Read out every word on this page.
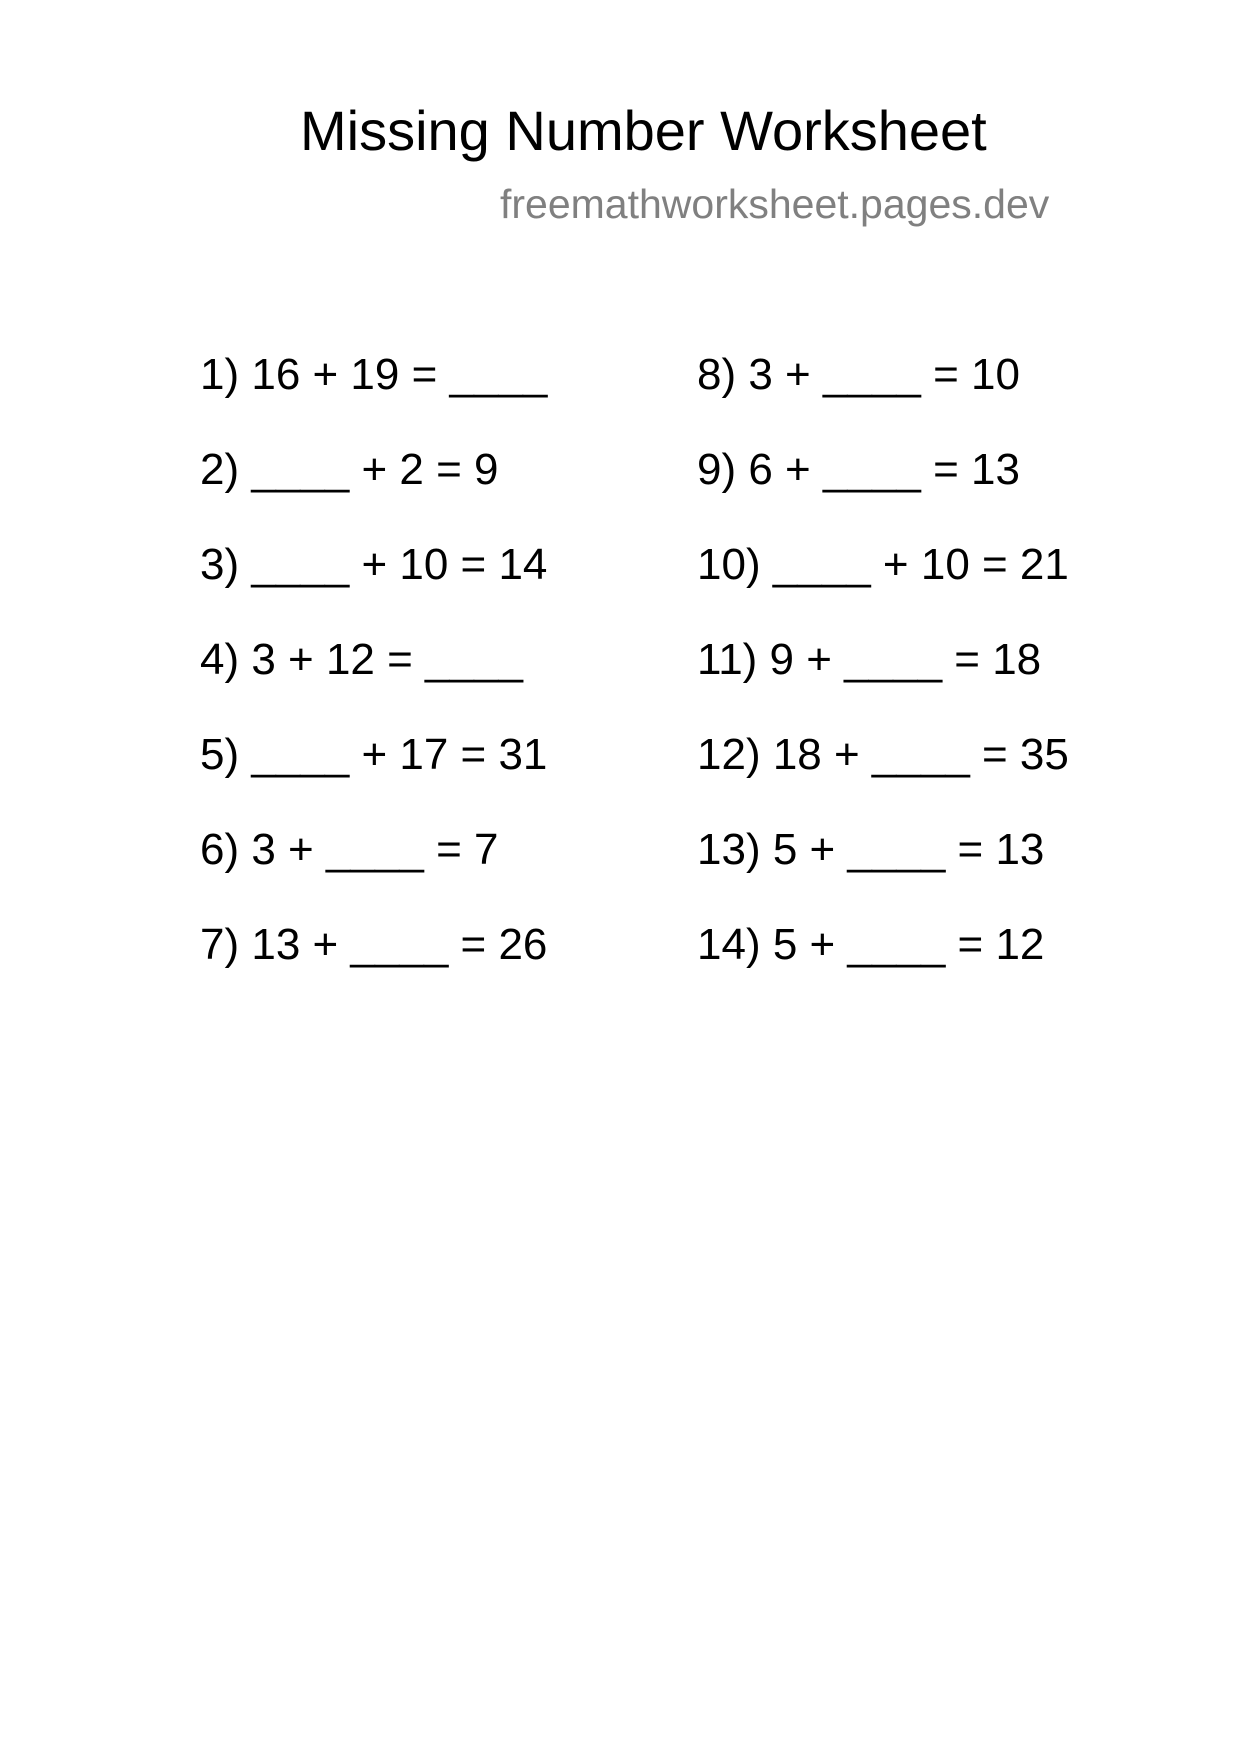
Missing Number Worksheet
freemathworksheet.pages.dev
1) 16 + 19 = ____
2) ____ + 2 = 9
3) ____ + 10 = 14
4) 3 + 12 = ____
5) ____ + 17 = 31
6) 3 + ____ = 7
7) 13 + ____ = 26
8) 3 + ____ = 10
9) 6 + ____ = 13
10) ____ + 10 = 21
11) 9 + ____ = 18
12) 18 + ____ = 35
13) 5 + ____ = 13
14) 5 + ____ = 12
